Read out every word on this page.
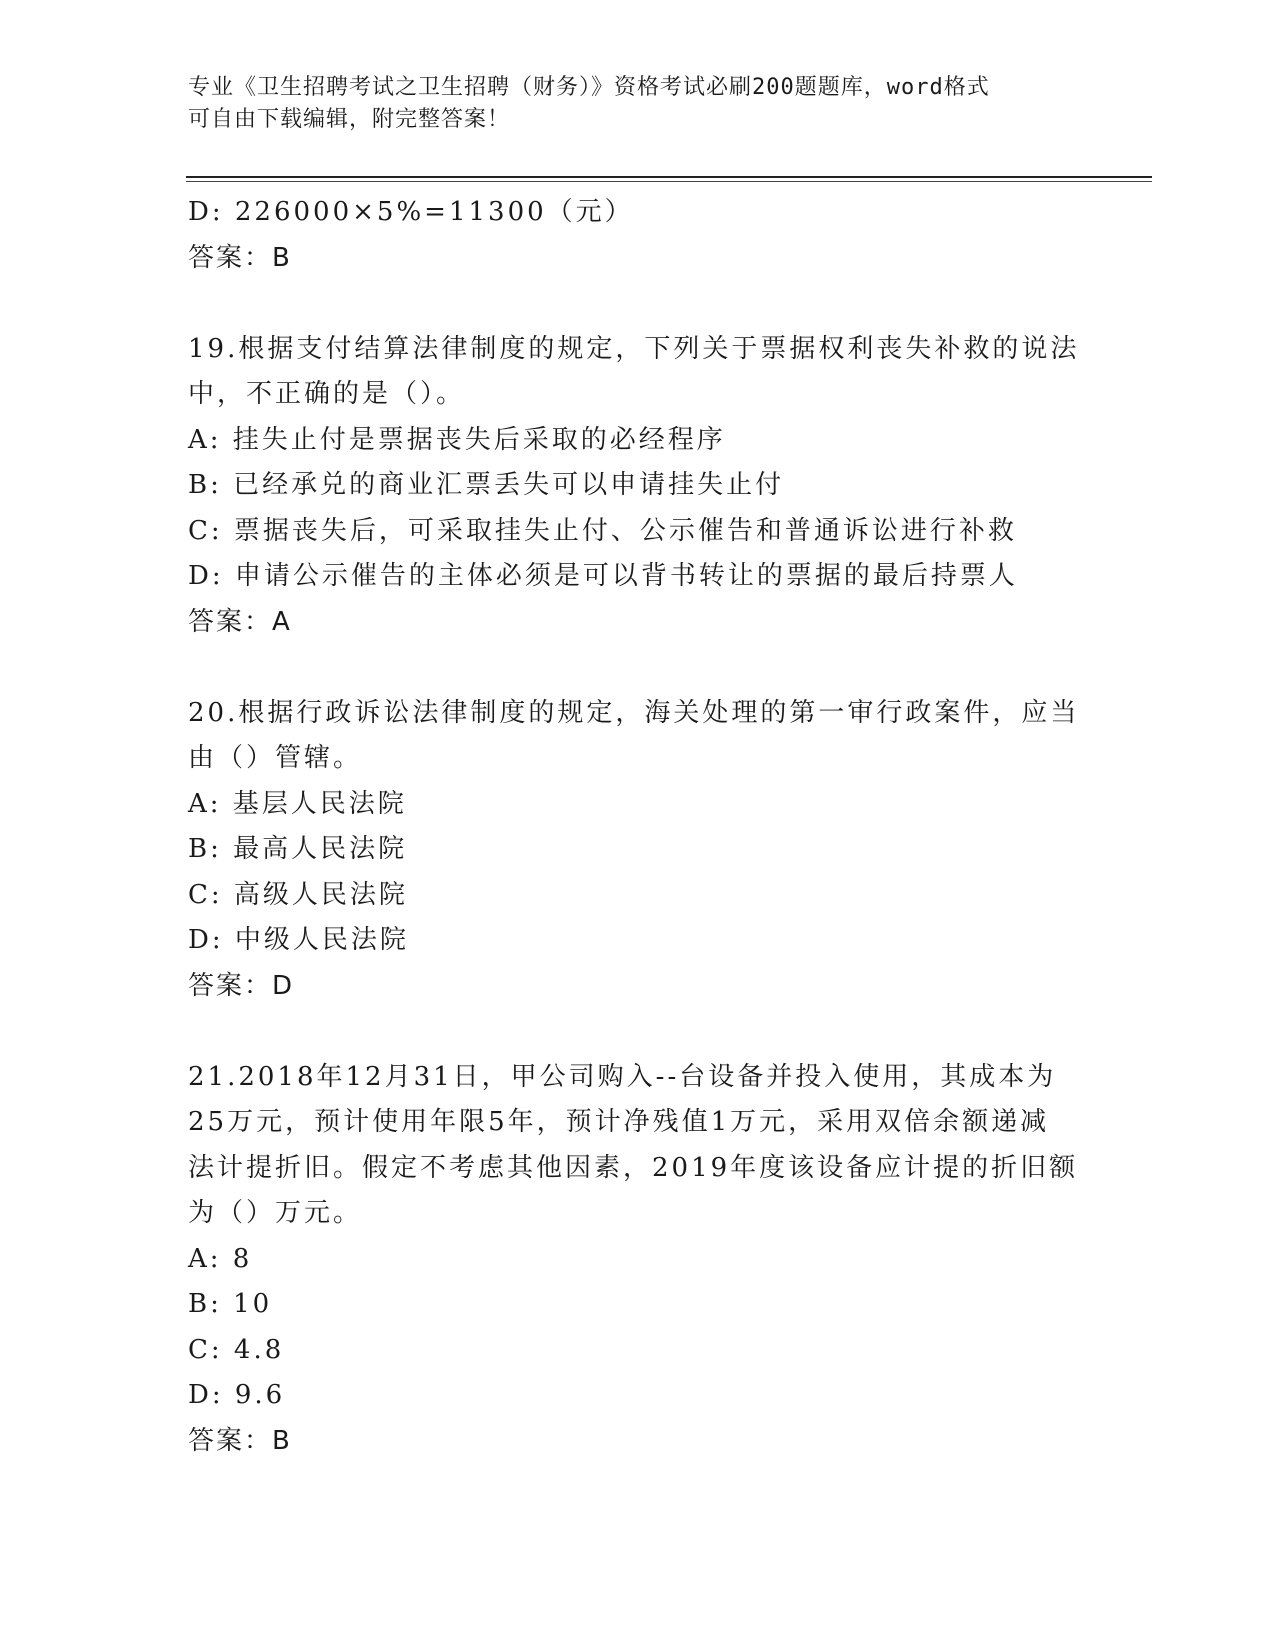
专业《卫生招聘考试之卫生招聘（财务）》资格考试必刷200题题库，word格式
可自由下载编辑，附完整答案！
D: 226000×5%=11300（元）
答案：B
19.根据支付结算法律制度的规定，下列关于票据权利丧失补救的说法
中，不正确的是（）。
A: 挂失止付是票据丧失后采取的必经程序
B: 已经承兑的商业汇票丢失可以申请挂失止付
C: 票据丧失后，可采取挂失止付、公示催告和普通诉讼进行补救
D: 申请公示催告的主体必须是可以背书转让的票据的最后持票人
答案：A
20.根据行政诉讼法律制度的规定，海关处理的第一审行政案件，应当
由（）管辖。
A: 基层人民法院
B: 最高人民法院
C: 高级人民法院
D: 中级人民法院
答案：D
21.2018年12月31日，甲公司购入--台设备并投入使用，其成本为
25万元，预计使用年限5年，预计净残值1万元，采用双倍余额递减
法计提折旧。假定不考虑其他因素，2019年度该设备应计提的折旧额
为（）万元。
A: 8
B: 10
C: 4.8
D: 9.6
答案：B
